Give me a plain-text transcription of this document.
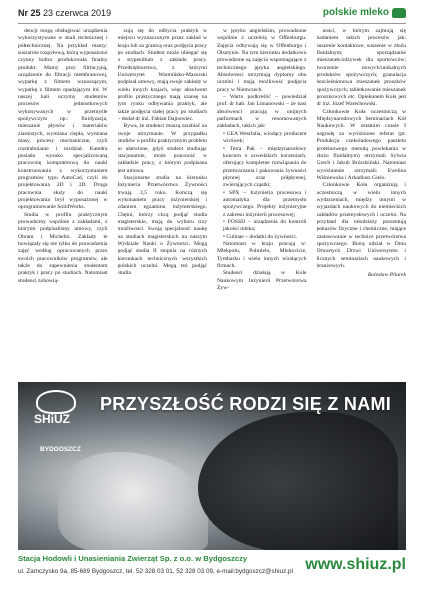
Nr 25 23 czerwca 2019	polskie mleko

dencji mogą obsługiwać urządzenia wykorzystywane w skali technicznej i półtechnicznej. Na przykład mamy: suszarnie rozpyłową, którą wyposażono czynny kultur produkowała finalny produkt. Mamy przy filtracyjną, urządzenie do filtracji membranowej, wyparkę z filmem wznoszącym, wyparkę z filmem opadającym itd. W naszej hali uczymy studentów procesów jednostkowych wykonywanych w przemyśle spożywczym np.: fluidyzacja, mieszanie płynów i materiałów ziarnistych, wymiana ciepła, wymiana masy, procesy mechaniczne, czyli rozdrabnianie i rozdział. Katedra posiada wysoko specjalizowaną pracownię komputerową do nauki konstruowania z wykorzystaniem programów typu AutoCad, czyli do projektowania 2D i 3D. Druga pracownia służy do nauki projektowania brył wyposażonej w oprogramowanie SolidWorks.

Studia w profilu praktycznym prowadzimy wspólnie z zakładami, z którymi podpisaliśmy umowy, czyli Obram i Michelin. Zakłady te bowiązały się nie tylko do prowadzenia zajęć według opracowanych przez swoich pracowników programów, ale także do zapewnienia studentom praktyk i pracy po studiach. Natomiast studenci zobowią-

zują się do odbycia praktyk w miejscu wyznaczonym przez zakład w kraju lub za granicą oraz podjęcia pracy po studiach. Student może ubiegać się o stypendium z zakładu pracy. Przedsiębiorstwa, z którymi Uniwersytet Warmińsko-Mazurski podpisał umowy, mają swoje zakłady w wielu innych krajach, więc absolwent profilu praktycznego mają szansę na tym rynku odbywania praktyk, ale także podjęcia stałej pracy po studiach – dodał dr inż. Fabian Dajnowiec.

Bywa, że studenci muszą zarabiać na swoje utrzymanie. W przypadku studiów o profilu praktycznym problem to ułatwione, gdyż student studiując stacjonarnie, może pracować w zakładzie pracy, z którym podpisana jest umowa.

Stacjonarne studia na kierunku Inżynieria Przetwórstwa Żywności trwają 3,5 roku. Kończą się wykonaniem pracy inżynierskiej i zdaniem egzaminu inżynierskiego. Chętni, którzy chcą podjąć studia magisterskie, mają do wyboru trzy możliwości. Swoją specjalność naukę na studiach magisterskich na naszym Wydziale Nauki o Żywności. Mogą podjąć studia II stopnia na różnych kierunkach technicznych wszystkich polskich uczelni. Mogą też podjąć studia

w języku angielskim, prowadzone wspólnie z uczelnią w Offenburgu. Zajęcia odbywają się w Offenburgu i Olsztynie. Na tym kierunku dodatkowo prowadzone są zajęcia wspomagające z technicznego języka angielskiego. Absolwenci otrzymują dyplomy obu uczelni i mają możliwość podjęcia pracy w Niemczech.

– Warto podkreślić – powiedział prof. dr hab. Jan Limanowski – że nasi absolwenci pracują w unijnych patformach w renomowanych zakładach, takich jak:

• GEA Westfalia, wiodący producent wirówek;
• Tetra Pak – międzynarodowy koncern o szwedzkich korzeniach, oferujący kompletne rozwiązania do przetwarzania i pakowania żywności płynnej oraz półpłynnej, zwierających cząstki;
• SPX – Inżynieria procesowa i automatyka dla przemysłu spożywczego. Projekty inżynieryjne z zakresu inżynierii procesowej;
• FOSSD – urządzenia do kontroli jakości mleka;
• Culinae – dodatki do żywności.

Natomiast w kraju pracują w: Mlekpolu, Polmlelu, Mlekovicie, Tymbarku i wielu innych wiodących firmach.

Studenci działają w Kole Naukowym Inżynierii Przetwórstwa Żyw-

ności, w którym zajmują się badaniem takich procesów jak: suszenie kontaktowe, suszenie w złożu fluidalnym; sporządzanie mieszanek/odżywek dla sportowców; tworzenie nowych/unikalnych produktów spożywczych; granulacja bezcieśnionowa mieszanek proszków spożywczych; tabletkowanie mieszanek proszkowych etc. Opiekunem Koła jest dr inż. Józef Warechowski.

Członkowie Koła uczestniczą w Międzynarodowych Seminariach Kół Naukowych. W ostatnim czasie I nagrodę za wyróżnione referat (pt. Produkcja czekoladowego pasztetu proteinowego metodą powlekania w złożu fluidalnym) otrzymali Sylwia Grech i Jakub Brózdziński. Natomiast wyróżnienie otrzymali: Ewelina Wiśniewska i Arkadiusz Gielo.

Członkowie Koła organizują i uczestniczą w wielu innych wydarzeniach, między innymi w wyjazdach naukowych do niemieckich zakładów przemysłowych i uczelni. Na przykład dla młodzieży prezentują pokazów fizyczne i chemiczne, mające zastosowanie w technice przetwórstwa spożywczego. Biorą udział w Dniu Otwartych Drzwi Uniwersytetu i licznych seminariach naukowych i branżowych.

Bolesław Pilarek
SHiUZ
BYDGOSZCZ
PRZYSZŁOŚĆ RODZI SIĘ Z NAMI
Stacja Hodowli i Unasieniania Zwierząt Sp. z o.o. w Bydgoszczy
ul. Zamczysko 9a, 85-689 Bydgoszcz, tel. 52 328 03 01, 52 328 03 09, e-mail:bydgoszcz@shiuz.pl www.shiuz.pl
